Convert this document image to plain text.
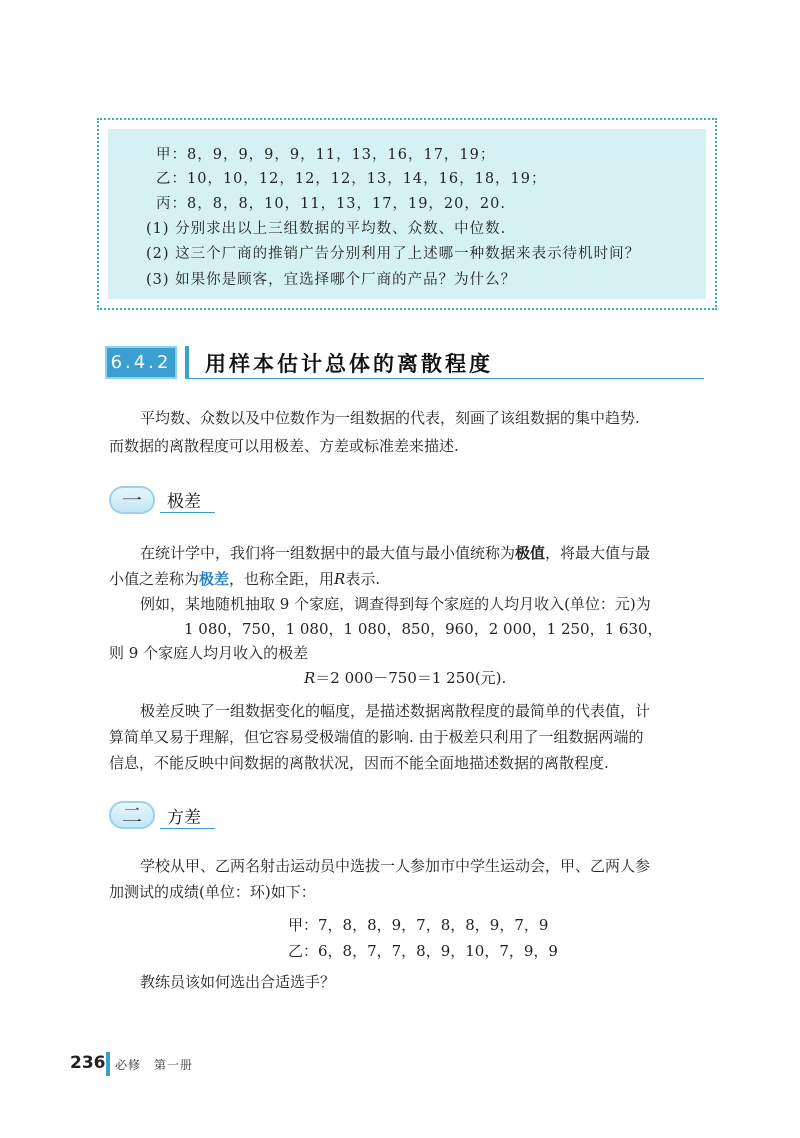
甲：8，9，9，9，9，11，13，16，17，19；
乙：10，10，12，12，12，13，14，16，18，19；
丙：8，8，8，10，11，13，17，19，20，20.
(1) 分别求出以上三组数据的平均数、众数、中位数.
(2) 这三个厂商的推销广告分别利用了上述哪一种数据来表示待机时间？
(3) 如果你是顾客，宜选择哪个厂商的产品？为什么？
6.4.2 用样本估计总体的离散程度
平均数、众数以及中位数作为一组数据的代表，刻画了该组数据的集中趋势.
而数据的离散程度可以用极差、方差或标准差来描述.
一	极差
在统计学中，我们将一组数据中的最大值与最小值统称为极值，将最大值与最
小值之差称为极差，也称全距，用R表示.
例如，某地随机抽取 9 个家庭，调查得到每个家庭的人均月收入(单位：元)为
1 080，750，1 080，1 080，850，960，2 000，1 250，1 630，
则 9 个家庭人均月收入的极差
R＝2 000－750＝1 250(元).
极差反映了一组数据变化的幅度，是描述数据离散程度的最简单的代表值，计
算简单又易于理解，但它容易受极端值的影响. 由于极差只利用了一组数据两端的
信息，不能反映中间数据的离散状况，因而不能全面地描述数据的离散程度.
二	方差
学校从甲、乙两名射击运动员中选拔一人参加市中学生运动会，甲、乙两人参
加测试的成绩(单位：环)如下：
甲：7，8，8，9，7，8，8，9，7，9
乙：6，8，7，7，8，9，10，7，9，9
教练员该如何选出合适选手？
236 必修　第一册
